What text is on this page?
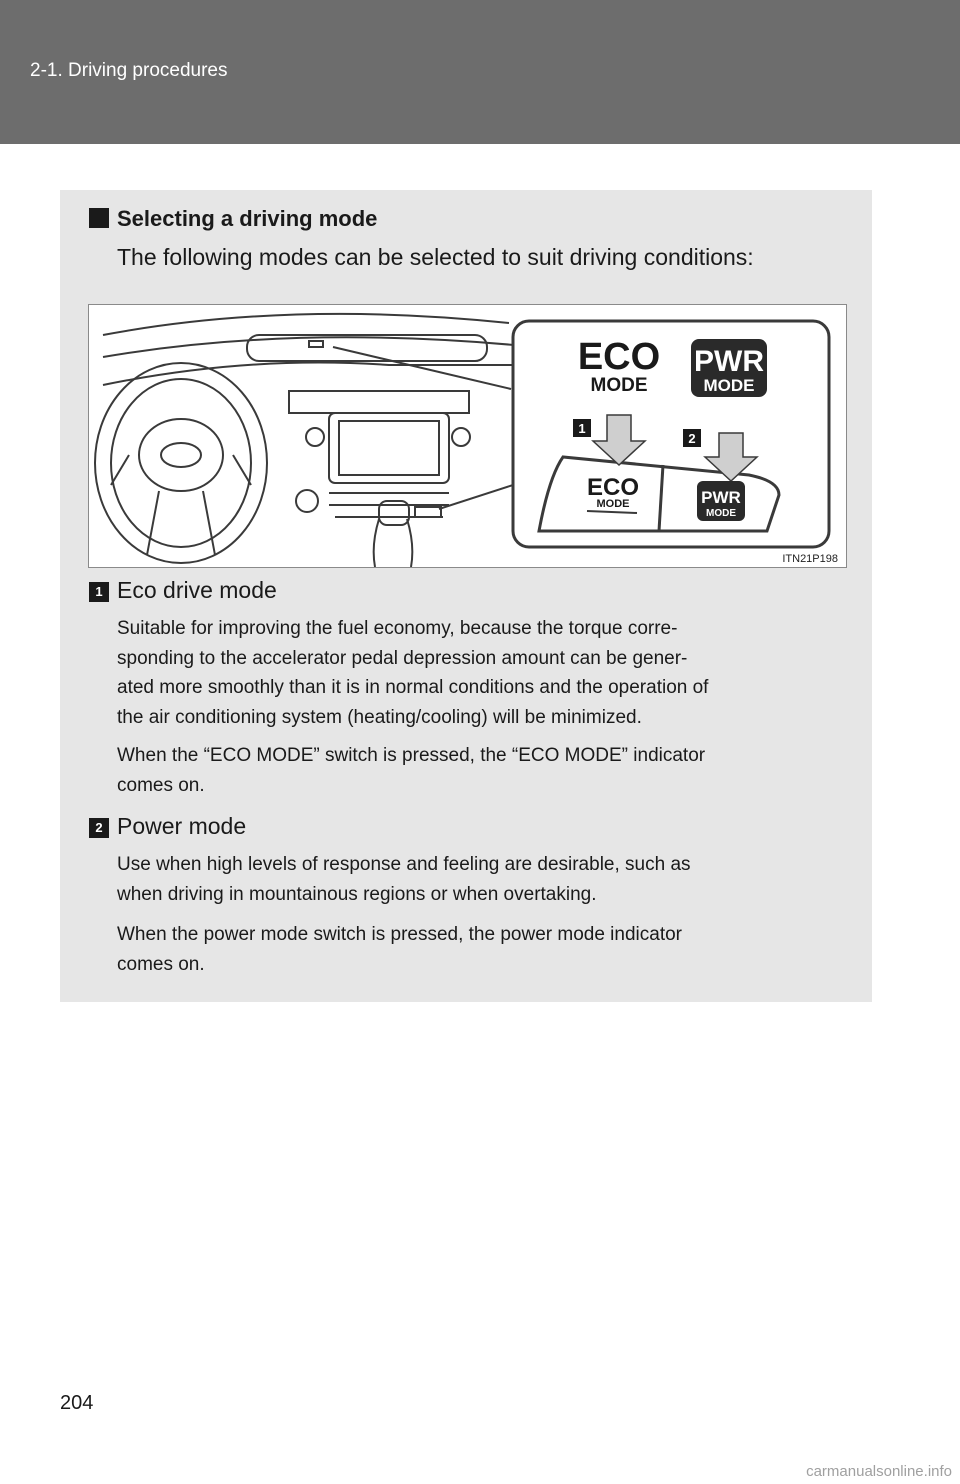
2-1. Driving procedures
Selecting a driving mode
The following modes can be selected to suit driving conditions:
ECO
MODE
PWR
MODE
1
2
ECO
MODE	PWR
MODE
ITN21P198
1 Eco drive mode
Suitable for improving the fuel economy, because the torque corre-
sponding to the accelerator pedal depression amount can be gener-
ated more smoothly than it is in normal conditions and the operation of
the air conditioning system (heating/cooling) will be minimized.
When the “ECO MODE” switch is pressed, the “ECO MODE” indicator
comes on.
2 Power mode
Use when high levels of response and feeling are desirable, such as
when driving in mountainous regions or when overtaking.
When the power mode switch is pressed, the power mode indicator
comes on.
204
carmanualsonline.info
